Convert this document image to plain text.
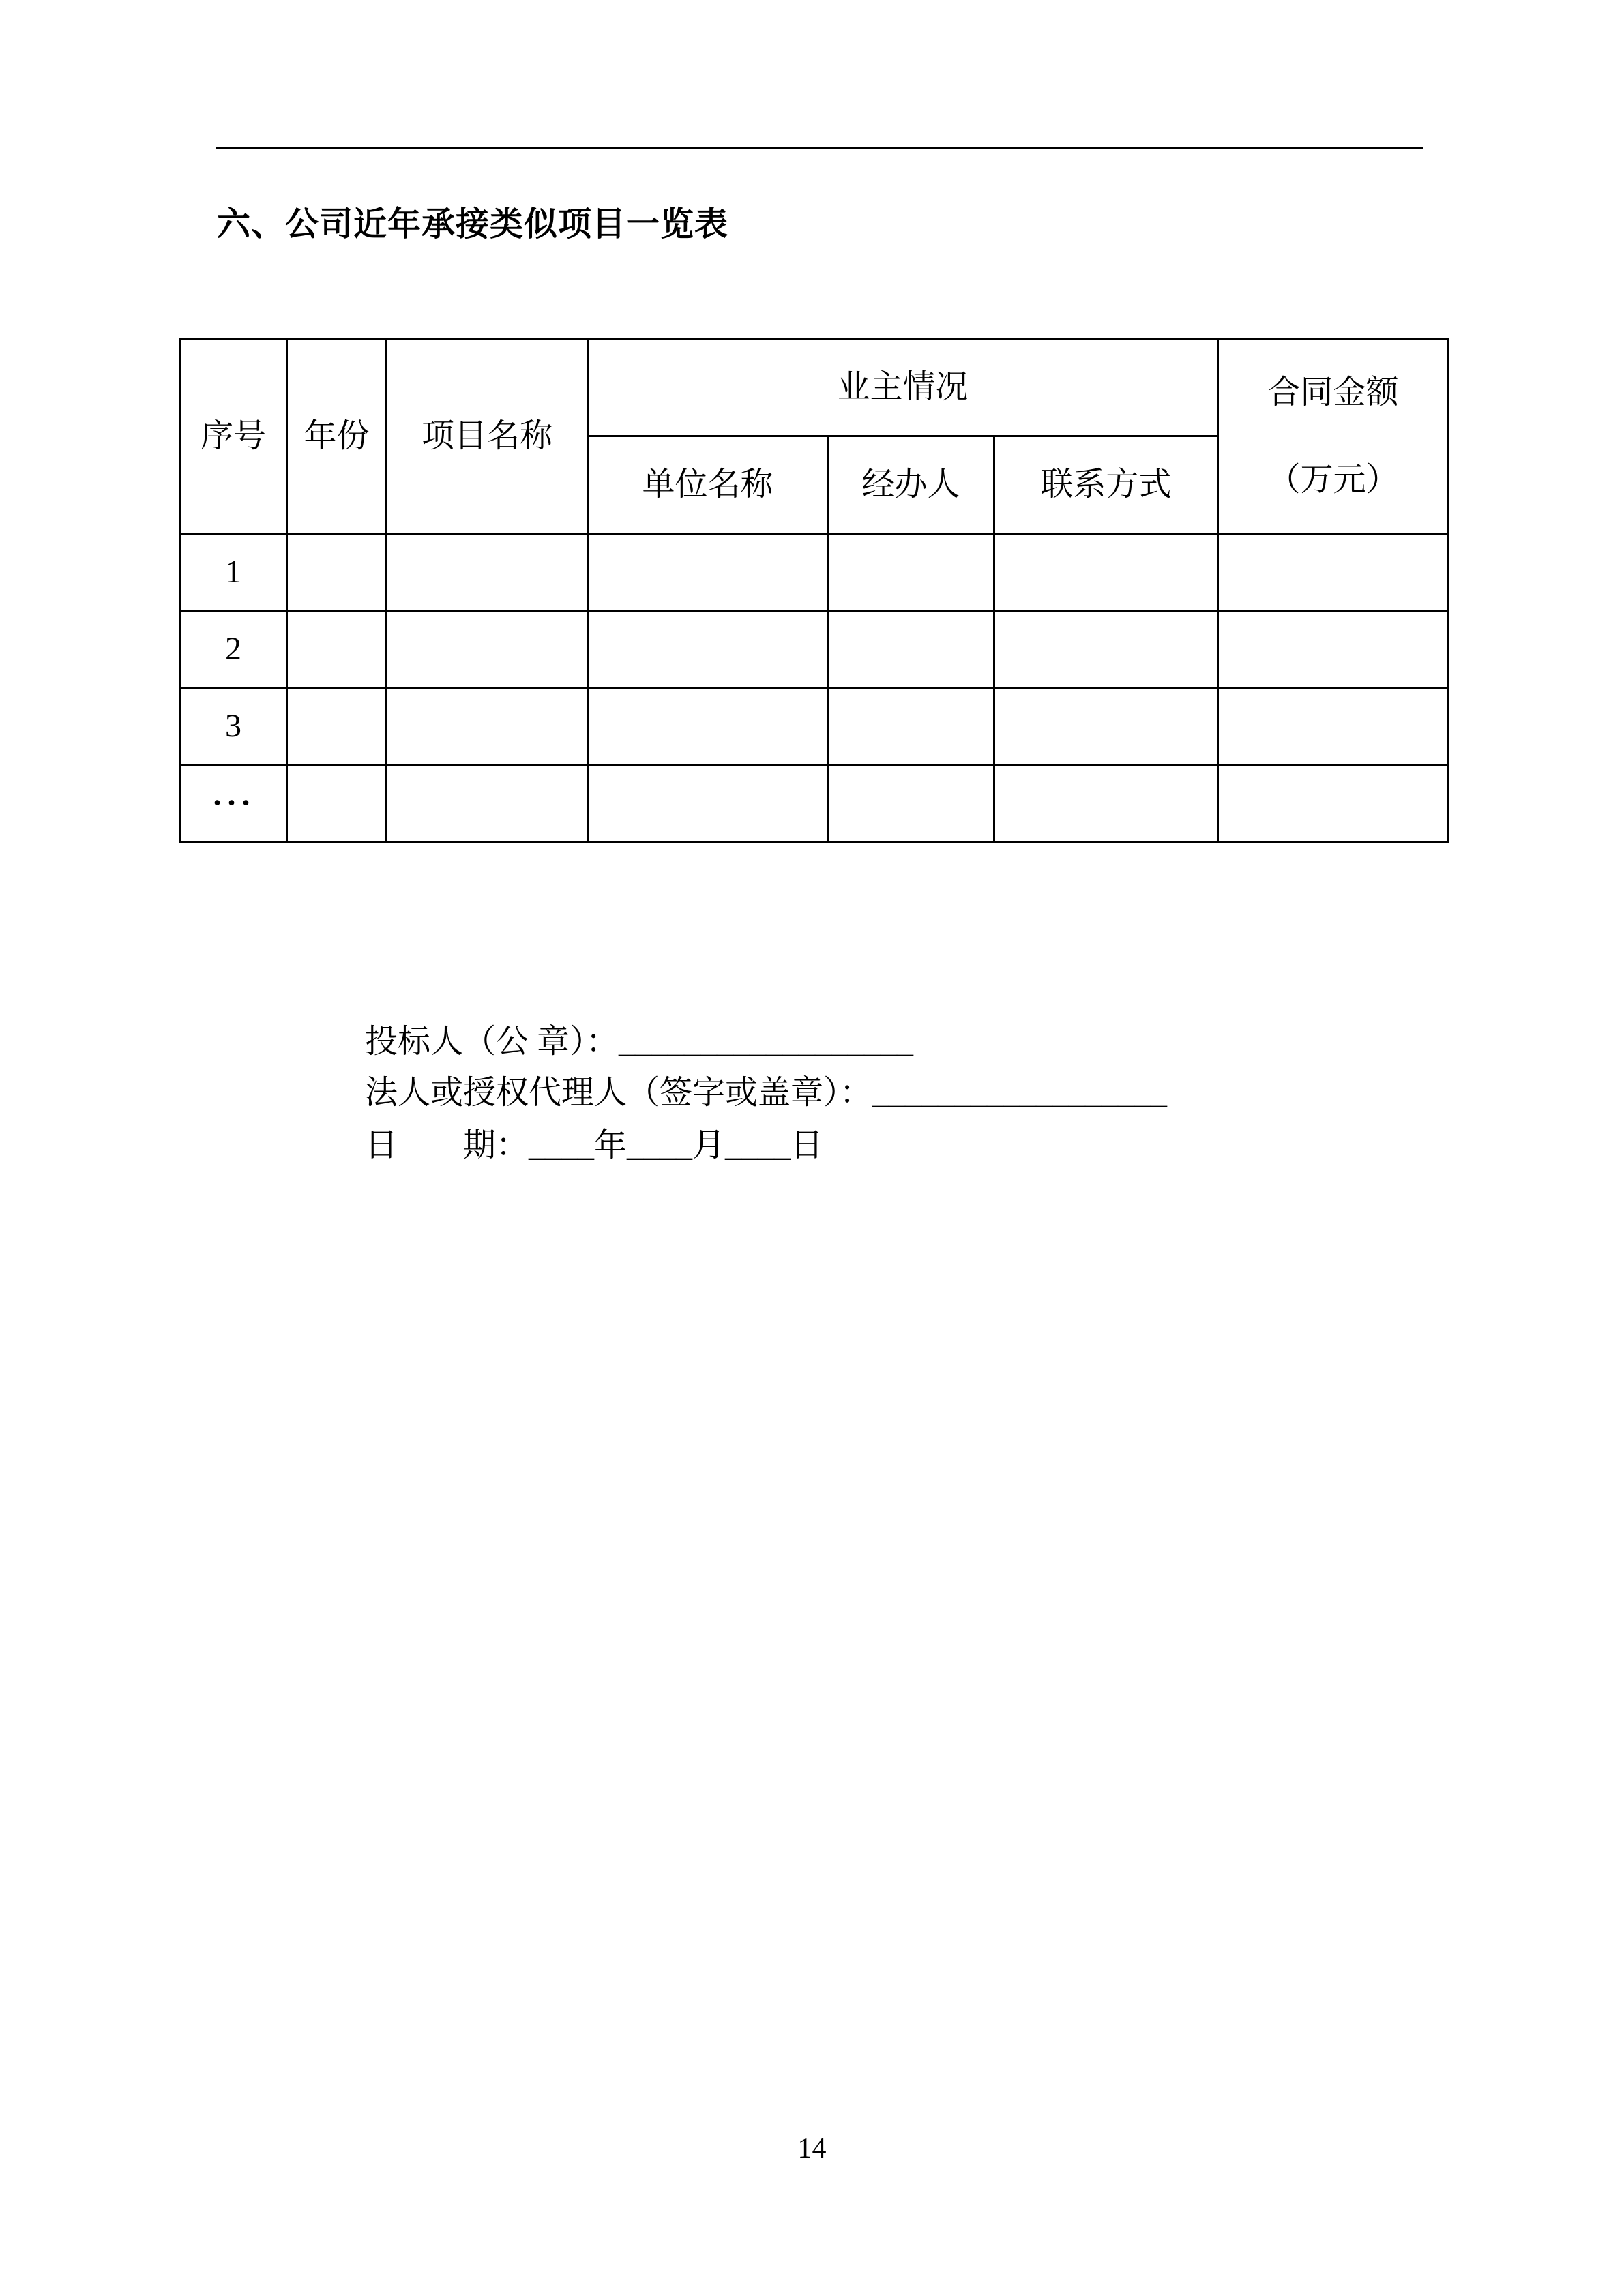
六、公司近年承接类似项目一览表
序号	年份	项目名称	业主情况			合同金额
（万元）

			单位名称	经办人	联系方式	
1						
2						
3						
···						
投标人（公 章）：__________________
法人或授权代理人（签字或盖章）：__________________
日　　期：____年____月____日
14
